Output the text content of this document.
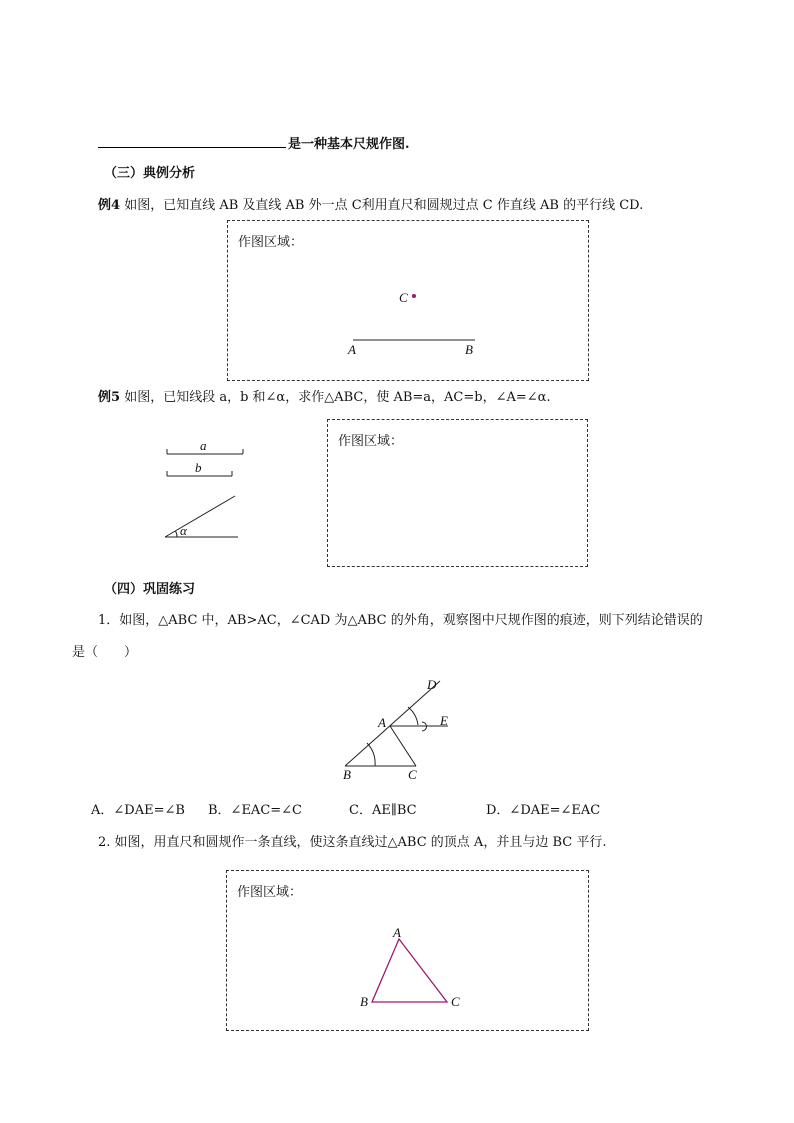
是一种基本尺规作图.
（三）典例分析
例4 如图，已知直线 AB 及直线 AB 外一点 C利用直尺和圆规过点 C 作直线 AB 的平行线 CD.
作图区域：
C
A	B
例5 如图，已知线段 a，b 和∠α，求作△ABC，使 AB=a，AC=b，∠A=∠α.
a
b
α
作图区域：
（四）巩固练习
1．如图，△ABC 中，AB>AC，∠CAD 为△ABC 的外角，观察图中尺规作图的痕迹，则下列结论错误的
是（　　）
D
A	E
B	C
A．∠DAE=∠B B．∠EAC=∠C	C．AE∥BC	D．∠DAE=∠EAC
2. 如图，用直尺和圆规作一条直线，使这条直线过△ABC 的顶点 A，并且与边 BC 平行.
作图区域：
A
B	C
